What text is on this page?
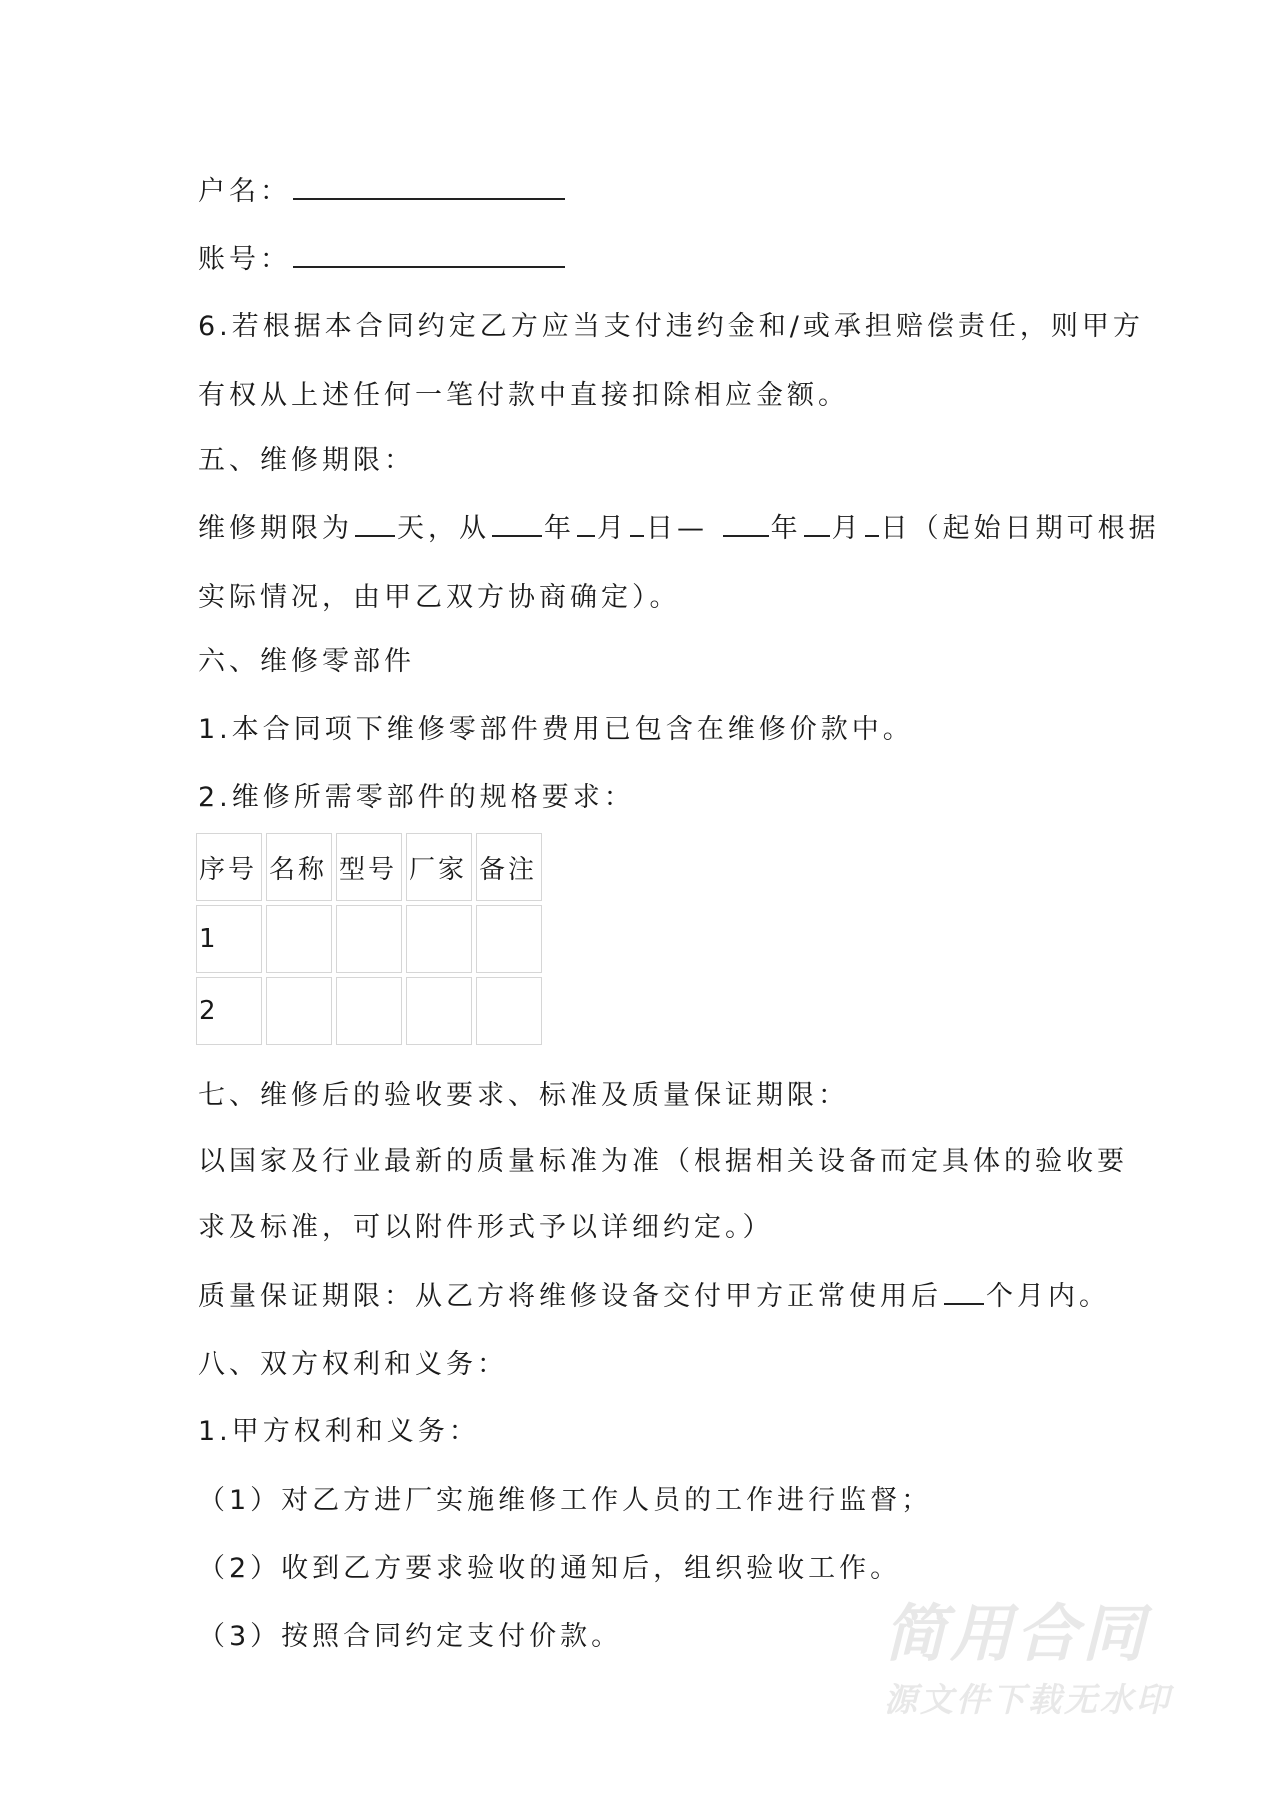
户名：
账号：
6.若根据本合同约定乙方应当支付违约金和/或承担赔偿责任，则甲方
有权从上述任何一笔付款中直接扣除相应金额。
五、维修期限：
维修期限为 天，从 年 月 日— 年 月 日（起始日期可根据
实际情况，由甲乙双方协商确定）。
六、维修零部件
1.本合同项下维修零部件费用已包含在维修价款中。
2.维修所需零部件的规格要求：
序号	名称	型号	厂家	备注
1				
2				
七、维修后的验收要求、标准及质量保证期限：
以国家及行业最新的质量标准为准（根据相关设备而定具体的验收要
求及标准，可以附件形式予以详细约定。）
质量保证期限：从乙方将维修设备交付甲方正常使用后 个月内。
八、双方权利和义务：
1.甲方权利和义务：
（1）对乙方进厂实施维修工作人员的工作进行监督；
（2）收到乙方要求验收的通知后，组织验收工作。
（3）按照合同约定支付价款。	简用合同
源文件下载无水印
